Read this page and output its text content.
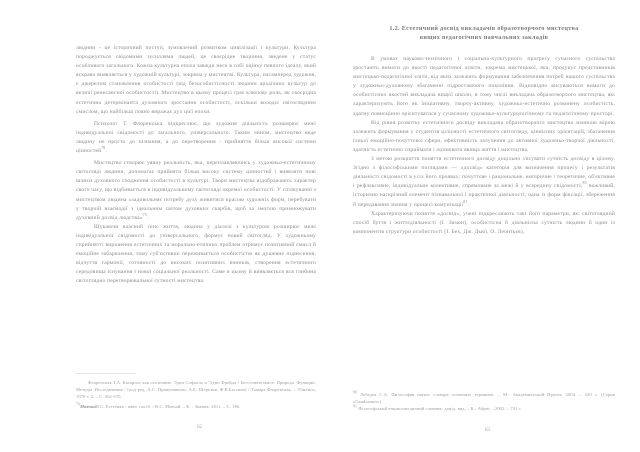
людини - це історичний поступ, зумовлений розвитком цивілізації і культури. Культура породжується свідомими зусиллями людей, це своєрідне творіння, зведене у статус особливого загального. Кожна культурна епоха завжди несе в собі оцінку певного ідеалу, який яскраво виявляється у художній культурі, зокрема у мистецтві. Культура, насамперед художня, є джерелом становлення особистості (від безособистісності людини архаїчних культур до величі ренесансної особистості). Мистецтво в цьому процесі грає ключову роль, як своєрідна естетична детермінанта духовного зростання особистості, оскільки володіє світоглядним смислом, що найбільш повно виражає дух цієї епохи.

Психолог Т. Флоренська підкреслює, що художня діяльність розширює межі індивідуальної свідомості до загального, універсального. Таким чином, мистецтво веде людину не просто до пізнання, а до перетворення - прийняття більш високої системи цінностей$^{78}$.

Мистецтво створює уявну реальність, яка, переплавляючись у художньо-естетичному світогляді людини, допомагає прийняти більш високу систему цінностей і виявляти нові шляхи духовного сходження особистості в культурі. Твори мистецтва відображають характер свого часу, що відбивається в індивідуальному світогляді окремої особистості. У спілкуванні з мистецтвом людина «задовольняє потребу духу живитися красою художніх форм, перебувати у творчій взаємодії з ідеальним світом духовних скарбів, щоб за змогою примножувати духовний досвід людства»$^{79}$.

Шукаючи власний сенс життя, людина у діалозі з культурою розширює межі індивідуальної свідомості до універсального, формує новий світогляд. У художньому сприйнятті вирішення естетичних та морально-етичних проблем отримує позитивний смисл й емоційне забарвлення, тому суб'єктивно переживається особистістю як душевне піднесення, відчуття гармонії, готовності до високих позитивних вчинків, створення естетичного середовища існування і нової соціальної реальності. Саме в цьому й виявляється вся глибина світоглядно перетворювальної сутності мистецтва.

Флоренская Т.А. Катарсис как осознание: Эдип Софокла и 'Эдип Фрейда / Бессознательное. Природа. Функции. Методы. Исследования / [под ред. А.С. Прангишвили, А.Е. Шерозия, Ф.В.Бассина] / Тамара Флоренская. – Тбилиси, 1978 т. 2. – С. 562-570.

$^{79}$МовчайВ.С. Естетика : навч. посіб. / В.С. Мовчай. – К. : Знання, 2011. – С. 186.

62
1.2. Естетичний досвід викладачів образотворчого мистецтва
вищих педагогічних навчальних закладів

В умовах науково-технічного і соціально-культурного прогресу сучасного суспільства зростають вимоги до якості педагогічної освіти, зокрема мистецької, яка, продукує представників мистецько-педагогічної еліти, від яких залежить формування забезпечення потреб нашого суспільства у художньо-духовному збагаченні підростаючого покоління. Відповідно висуваються вимоги до особистісних якостей викладача вищої школи, в тому числі викладача образотворчого мистецтва, які характеризують його як ініціативну, творчу-активну, художньо-естетично розвинену особистість, здатну повноцінно орієнтуватися у сучасному художньо-культурологічному та педагогічному просторі.

Від рівня розвитку естетичного досвіду викладача образотворчого мистецтва значною мірою залежить формування у студентів цілісності естетичного світогляду, ціннісних орієнтацій, збагачення їхньої емоційно-почуттєвої сфери, ефективність залучення до активної художньо-творчої діяльності, здатність естетично сприймати і оцінювати явища життя і мистецтва.

З метою розкриття поняття естетичного досвіду доцільно з'ясувати сутність досвіду в цілому. Згідно з філософськими поглядами — «досвід» категорія для визначення процесу і результатів діяльності свідомості в усіх його проявах; почуттєве і раціональне, емпіричне і теоретичне, об'єктивне і рефлексивне, індивідуальне колективне, спрямоване за межі й у всередину свідомості;$^{80}$ важливий, історично наскрізний елемент пізнавальної і практичної діяльності; одна із форм фіксації, збереження й передавання знання у процесі комунікації$^{81}$.

Характеризуючи поняття «досвід», учені підкреслюють такі його параметри, як: світоглядний спосіб буття і життєдіяльності (І. Зязюн), особистісна й діяльнісна сутність людини й один із компонентів структури особистості (І. Бех, Дж. Дьюї, О. Леонтьєв),

$^{80}$ Лебедев С.А. Философия науки: словарь основных терминов. – М.: Академический Проект, 2004. – 320 с. (Серия «Gaudeamus»).

$^{81}$ Філософський енциклопедичний словник: довід. вид. – К.: Абрис, –2002. – 741 с.

63
